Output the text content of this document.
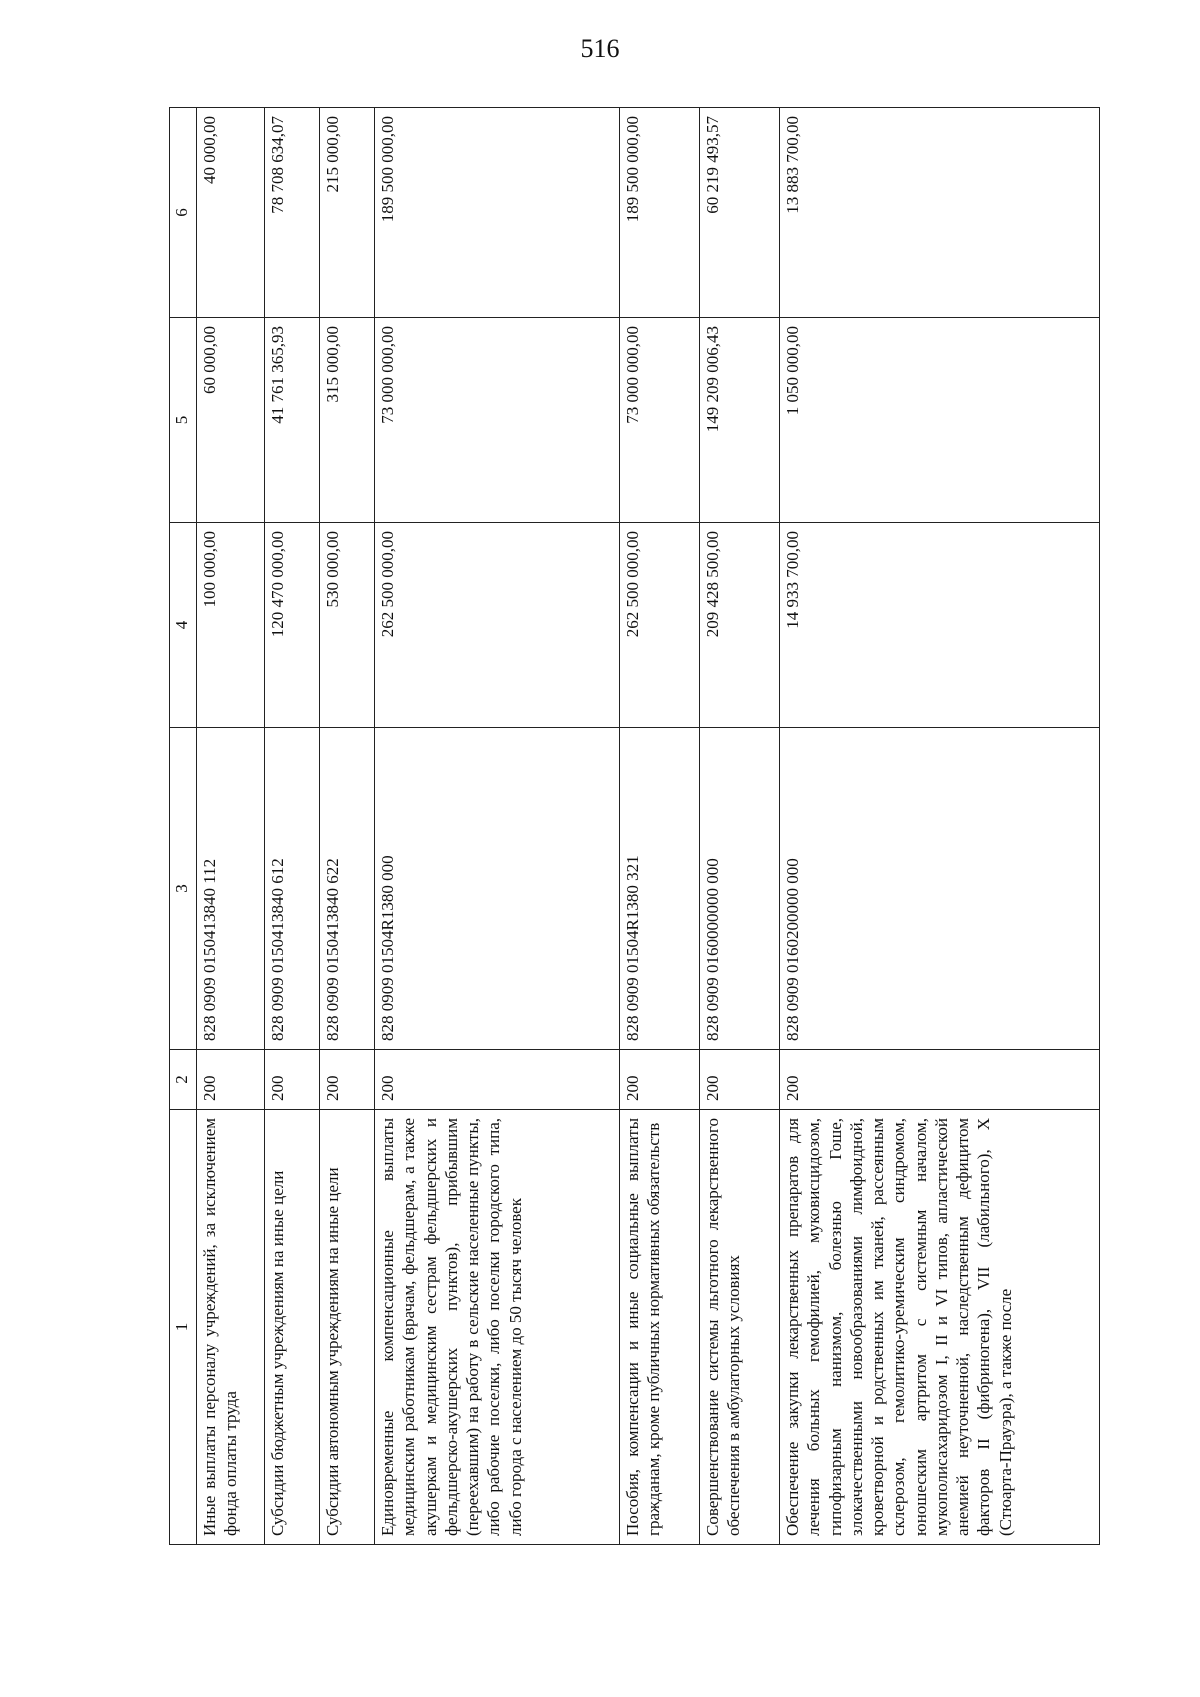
516
1	2	3	4	5	6
Иные выплаты персоналу учреждений, за исключением фонда оплаты труда	200	828 0909 0150413840 112	100 000,00	60 000,00	40 000,00
Субсидии бюджетным учреждениям на иные цели	200	828 0909 0150413840 612	120 470 000,00	41 761 365,93	78 708 634,07
Субсидии автономным учреждениям на иные цели	200	828 0909 0150413840 622	530 000,00	315 000,00	215 000,00
Единовременные компенсационные выплаты медицинским работникам (врачам, фельдшерам, а также акушеркам и медицинским сестрам фельдшерских и фельдшерско-акушерских пунктов), прибывшим (переехавшим) на работу в сельские населенные пункты, либо рабочие поселки, либо поселки городского типа, либо города с населением до 50 тысяч человек	200	828 0909 01504R1380 000	262 500 000,00	73 000 000,00	189 500 000,00
Пособия, компенсации и иные социальные выплаты гражданам, кроме публичных нормативных обязательств	200	828 0909 01504R1380 321	262 500 000,00	73 000 000,00	189 500 000,00
Совершенствование системы льготного лекарственного обеспечения в амбулаторных условиях	200	828 0909 0160000000 000	209 428 500,00	149 209 006,43	60 219 493,57
Обеспечение закупки лекарственных препаратов для лечения больных гемофилией, муковисцидозом, гипофизарным нанизмом, болезнью Гоше, злокачественными новообразованиями лимфоидной, кроветворной и родственных им тканей, рассеянным склерозом, гемолитико-уремическим синдромом, юношеским артритом с системным началом, мукополисахаридозом I, II и VI типов, апластической анемией неуточненной, наследственным дефицитом факторов II (фибриногена), VII (лабильного), X (Стюарта-Прауэра), а также после	200	828 0909 0160200000 000	14 933 700,00	1 050 000,00	13 883 700,00
